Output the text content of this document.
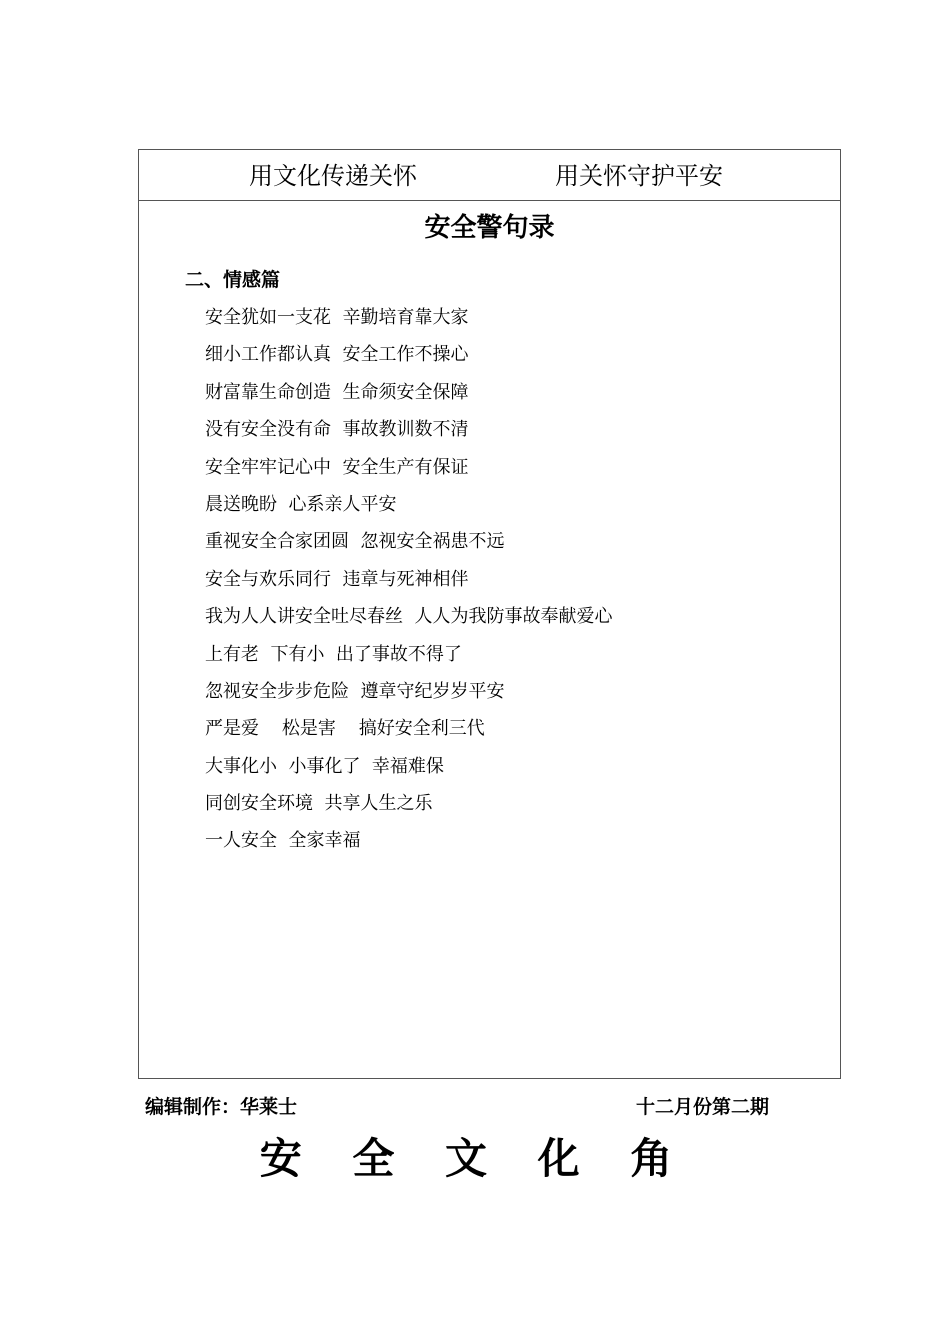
用文化传递关怀	用关怀守护平安
安全警句录
二、情感篇
安全犹如一支花  辛勤培育靠大家
细小工作都认真  安全工作不操心
财富靠生命创造  生命须安全保障
没有安全没有命  事故教训数不清
安全牢牢记心中  安全生产有保证
晨送晚盼  心系亲人平安
重视安全合家团圆  忽视安全祸患不远
安全与欢乐同行  违章与死神相伴
我为人人讲安全吐尽春丝  人人为我防事故奉献爱心
上有老  下有小  出了事故不得了
忽视安全步步危险  遵章守纪岁岁平安
严是爱    松是害    搞好安全利三代
大事化小  小事化了  幸福难保
同创安全环境  共享人生之乐
一人安全  全家幸福
编辑制作：华莱士	十二月份第二期
安 全 文 化 角
